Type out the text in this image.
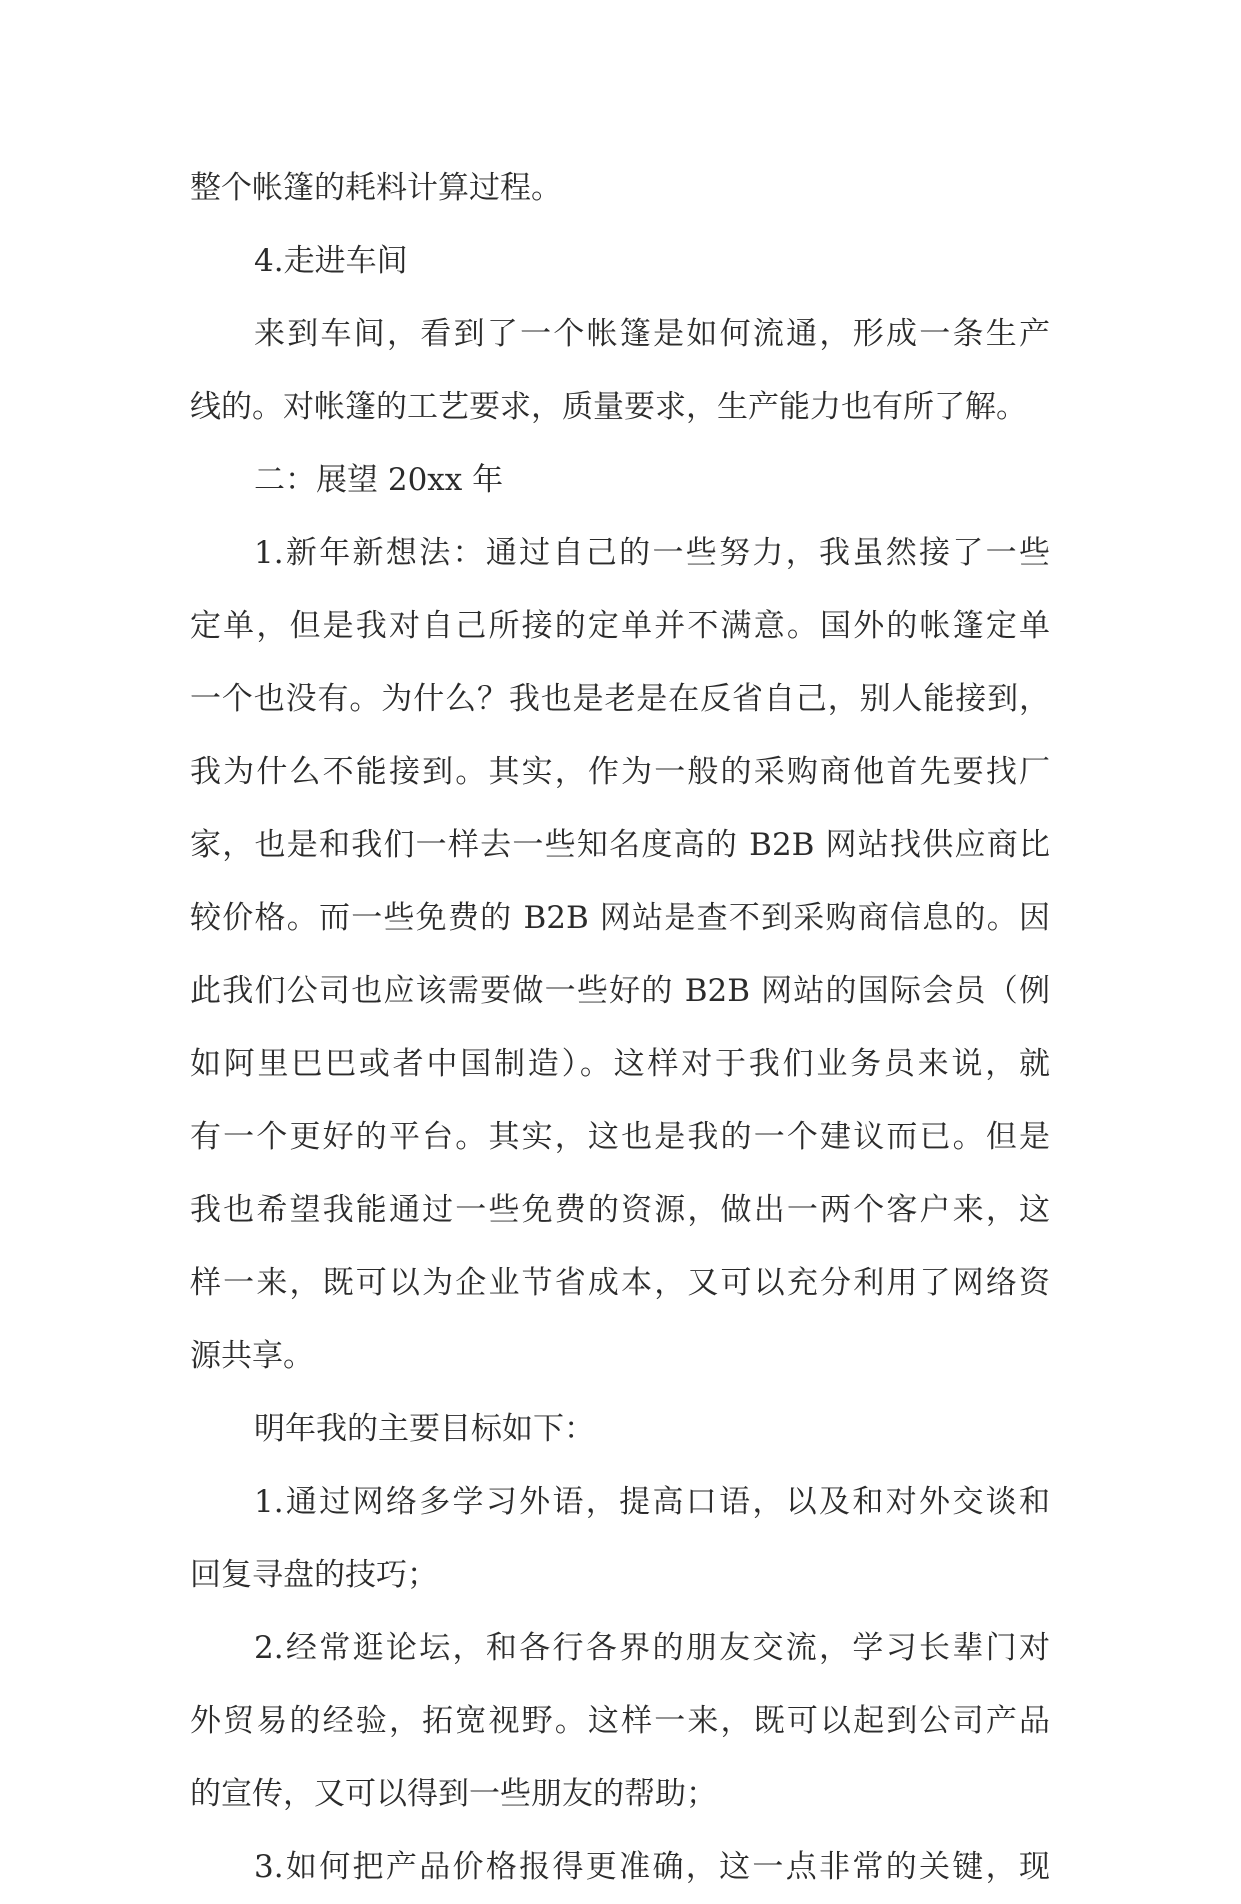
整个帐篷的耗料计算过程。
4.走进车间
来到车间，看到了一个帐篷是如何流通，形成一条生产
线的。对帐篷的工艺要求，质量要求，生产能力也有所了解。
二：展望 20xx 年
1.新年新想法：通过自己的一些努力，我虽然接了一些
定单，但是我对自己所接的定单并不满意。国外的帐篷定单
一个也没有。为什么？我也是老是在反省自己，别人能接到，
我为什么不能接到。其实，作为一般的采购商他首先要找厂
家，也是和我们一样去一些知名度高的 B2B 网站找供应商比
较价格。而一些免费的 B2B 网站是查不到采购商信息的。因
此我们公司也应该需要做一些好的 B2B 网站的国际会员（例
如阿里巴巴或者中国制造）。这样对于我们业务员来说，就
有一个更好的平台。其实，这也是我的一个建议而已。但是
我也希望我能通过一些免费的资源，做出一两个客户来，这
样一来，既可以为企业节省成本，又可以充分利用了网络资
源共享。
明年我的主要目标如下：
1.通过网络多学习外语，提高口语，以及和对外交谈和
回复寻盘的技巧；
2.经常逛论坛，和各行各界的朋友交流，学习长辈门对
外贸易的经验，拓宽视野。这样一来，既可以起到公司产品
的宣传，又可以得到一些朋友的帮助；
3.如何把产品价格报得更准确，这一点非常的关键，现
